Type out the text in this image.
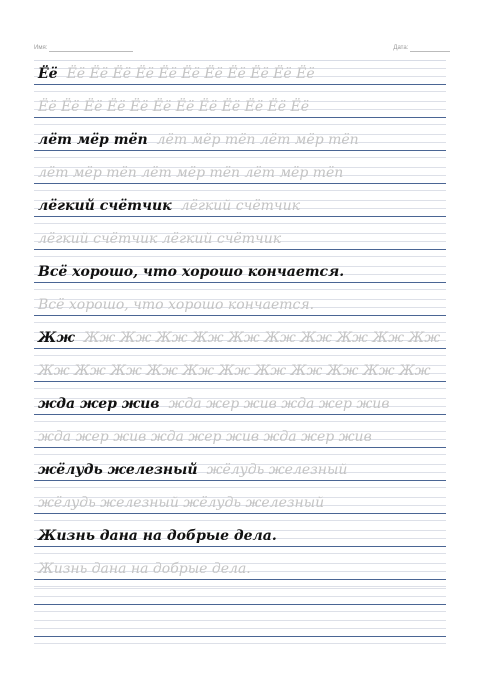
Имя:	Дата:
Ёё Ёё Ёё Ёё Ёё Ёё Ёё Ёё Ёё Ёё Ёё Ёё
Ёё Ёё Ёё Ёё Ёё Ёё Ёё Ёё Ёё Ёё Ёё Ёё
лёт мёр тёп лёт мёр тёп лёт мёр тёп
лёт мёр тёп лёт мёр тёп лёт мёр тёп
лёгкий счётчик лёгкий счётчик
лёгкий счётчик лёгкий счётчик
Всё хорошо, что хорошо кончается.
Всё хорошо, что хорошо кончается.
Жж Жж Жж Жж Жж Жж Жж Жж Жж Жж Жж
Жж Жж Жж Жж Жж Жж Жж Жж Жж Жж Жж
жда жер жив жда жер жив жда жер жив
жда жер жив жда жер жив жда жер жив
жёлудь железный жёлудь железный
жёлудь железный жёлудь железный
Жизнь дана на добрые дела.
Жизнь дана на добрые дела.
